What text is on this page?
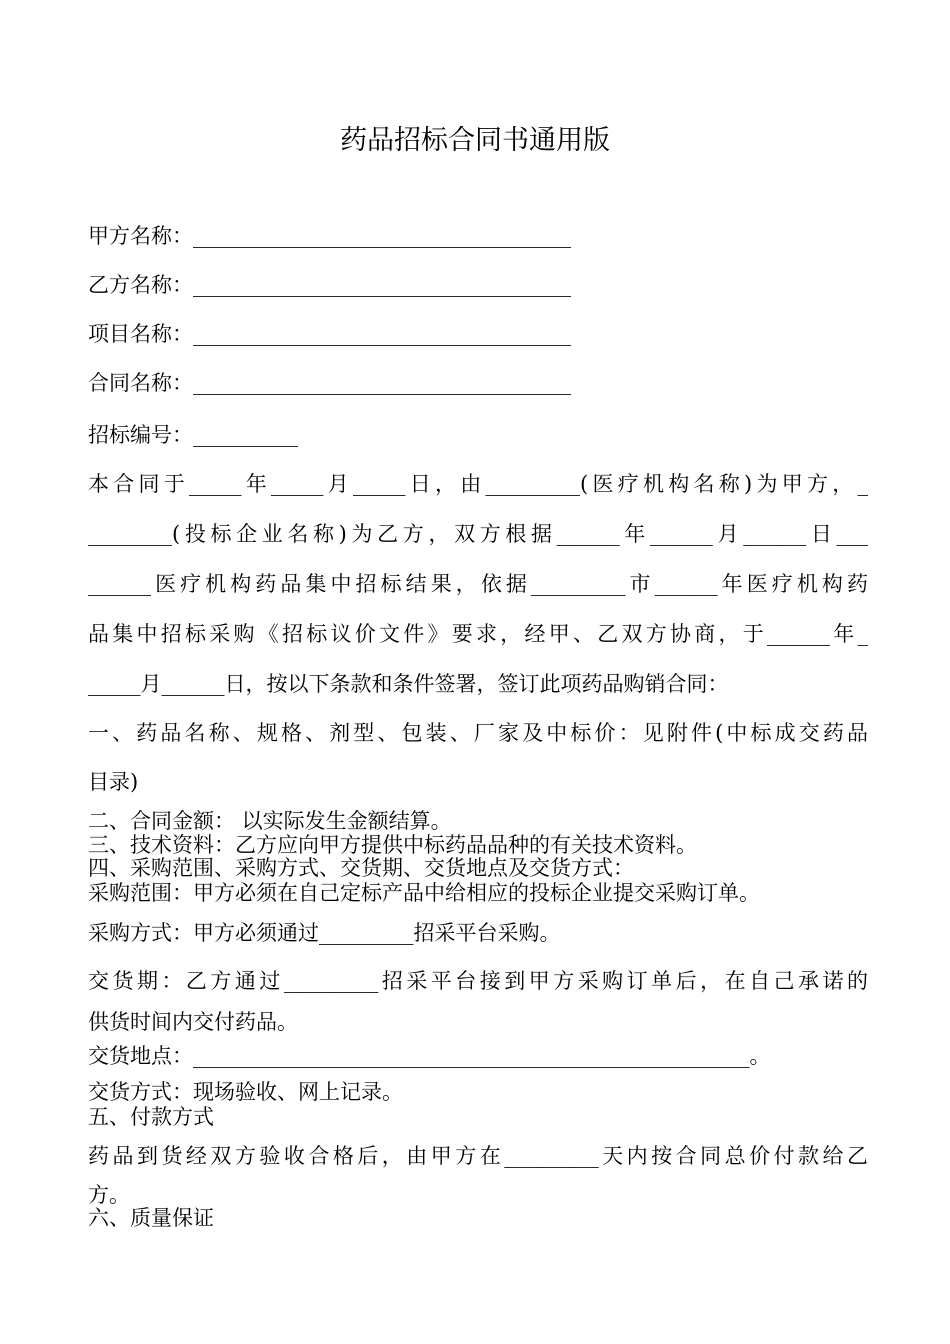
药品招标合同书通用版
甲方名称：____________________________________
乙方名称：____________________________________
项目名称：____________________________________
合同名称：____________________________________
招标编号：__________
本合同于_____年_____月_____日，由_________(医疗机构名称)为甲方，_
________(投标企业名称)为乙方，双方根据______年______月______日___
______医疗机构药品集中招标结果，依据_________市______年医疗机构药
品集中招标采购《招标议价文件》要求，经甲、乙双方协商，于______年_
_____月______日，按以下条款和条件签署，签订此项药品购销合同：
一、药品名称、规格、剂型、包装、厂家及中标价：见附件(中标成交药品
目录)
二、合同金额： 以实际发生金额结算。
三、技术资料：乙方应向甲方提供中标药品品种的有关技术资料。
四、采购范围、采购方式、交货期、交货地点及交货方式：
采购范围：甲方必须在自己定标产品中给相应的投标企业提交采购订单。
采购方式：甲方必须通过_________招采平台采购。
交货期：乙方通过_________招采平台接到甲方采购订单后，在自己承诺的
供货时间内交付药品。
交货地点：_____________________________________________________。
交货方式：现场验收、网上记录。
五、付款方式
药品到货经双方验收合格后，由甲方在_________天内按合同总价付款给乙
方。
六、质量保证
